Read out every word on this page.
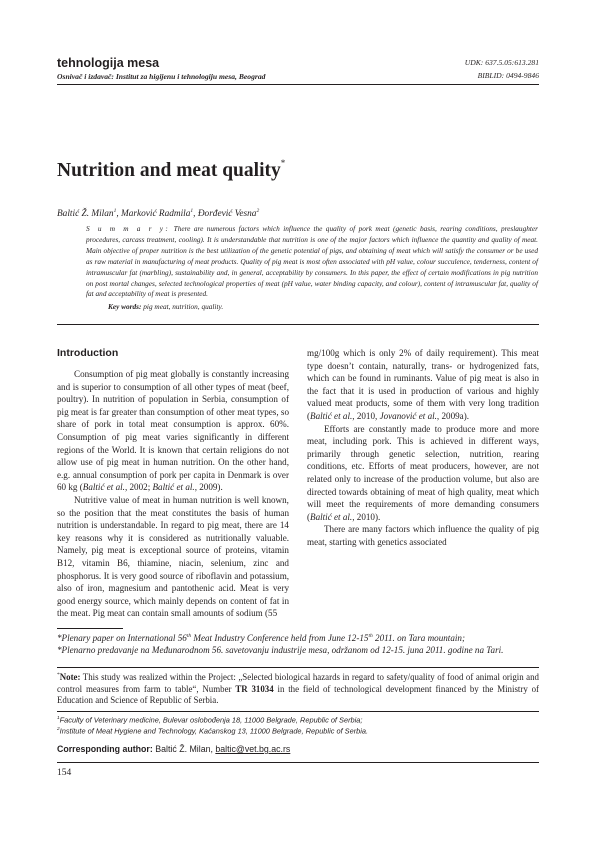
tehnologija mesa
Osnivač i izdavač: Institut za higijenu i tehnologiju mesa, Beograd
UDK: 637.5.05:613.281
BIBLID: 0494-9846
Nutrition and meat quality*
Baltić Ž. Milan$^1$, Marković Radmila$^1$, Đorđević Vesna$^2$
S u m m a r y: There are numerous factors which influence the quality of pork meat (genetic basis, rearing conditions, preslaughter procedures, carcass treatment, cooling). It is understandable that nutrition is one of the major factors which influence the quantity and quality of meat. Main objective of proper nutrition is the best utilization of the genetic potential of pigs, and obtaining of meat which will satisfy the consumer or be used as raw material in manufacturing of meat products. Quality of pig meat is most often associated with pH value, colour succulence, tenderness, content of intramuscular fat (marbling), sustainability and, in general, acceptability by consumers. In this paper, the effect of certain modifications in pig nutrition on post mortal changes, selected technological properties of meat (pH value, water binding capacity, and colour), content of intramuscular fat, quality of fat and acceptability of meat is presented.
Key words: pig meat, nutrition, quality.
Introduction

Consumption of pig meat globally is constantly increasing and is superior to consumption of all other types of meat (beef, poultry). In nutrition of population in Serbia, consumption of pig meat is far greater than consumption of other meat types, so share of pork in total meat consumption is approx. 60%. Consumption of pig meat varies significantly in different regions of the World. It is known that certain religions do not allow use of pig meat in human nutrition. On the other hand, e.g. annual consumption of pork per capita in Denmark is over 60 kg (Baltić et al., 2002; Baltić et al., 2009).

Nutritive value of meat in human nutrition is well known, so the position that the meat constitutes the basis of human nutrition is understandable. In regard to pig meat, there are 14 key reasons why it is considered as nutritionally valuable. Namely, pig meat is exceptional source of proteins, vitamin B12, vitamin B6, thiamine, niacin, selenium, zinc and phosphorus. It is very good source of riboflavin and potassium, also of iron, magnesium and pantothenic acid. Meat is very good energy source, which mainly depends on content of fat in the meat. Pig meat can contain small amounts of sodium (55

mg/100g which is only 2% of daily requirement). This meat type doesn’t contain, naturally, trans- or hydrogenized fats, which can be found in ruminants. Value of pig meat is also in the fact that it is used in production of various and highly valued meat products, some of them with very long tradition (Baltić et al., 2010, Jovanović et al., 2009a).

Efforts are constantly made to produce more and more meat, including pork. This is achieved in different ways, primarily through genetic selection, nutrition, rearing conditions, etc. Efforts of meat producers, however, are not related only to increase of the production volume, but also are directed towards obtaining of meat of high quality, meat which will meet the requirements of more demanding consumers (Baltić et al., 2010).

There are many factors which influence the quality of pig meat, starting with genetics associated

*Plenary paper on International 56th Meat Industry Conference held from June 12-15th 2011. on Tara mountain;

*Plenarno predavanje na Međunarodnom 56. savetovanju industrije mesa, održanom od 12-15. juna 2011. godine na Tari.

*Note: This study was realized within the Project: „Selected biological hazards in regard to safety/quality of food of animal origin and control measures from farm to table“, Number TR 31034 in the field of technological development financed by the Ministry of Education and Science of Republic of Serbia.

$^1$Faculty of Veterinary medicine, Bulevar oslobođenja 18, 11000 Belgrade, Republic of Serbia;

$^2$Institute of Meat Hygiene and Technology, Kaćanskog 13, 11000 Belgrade, Republic of Serbia.

Corresponding author: Baltić Ž. Milan, baltic@vet.bg.ac.rs
154
